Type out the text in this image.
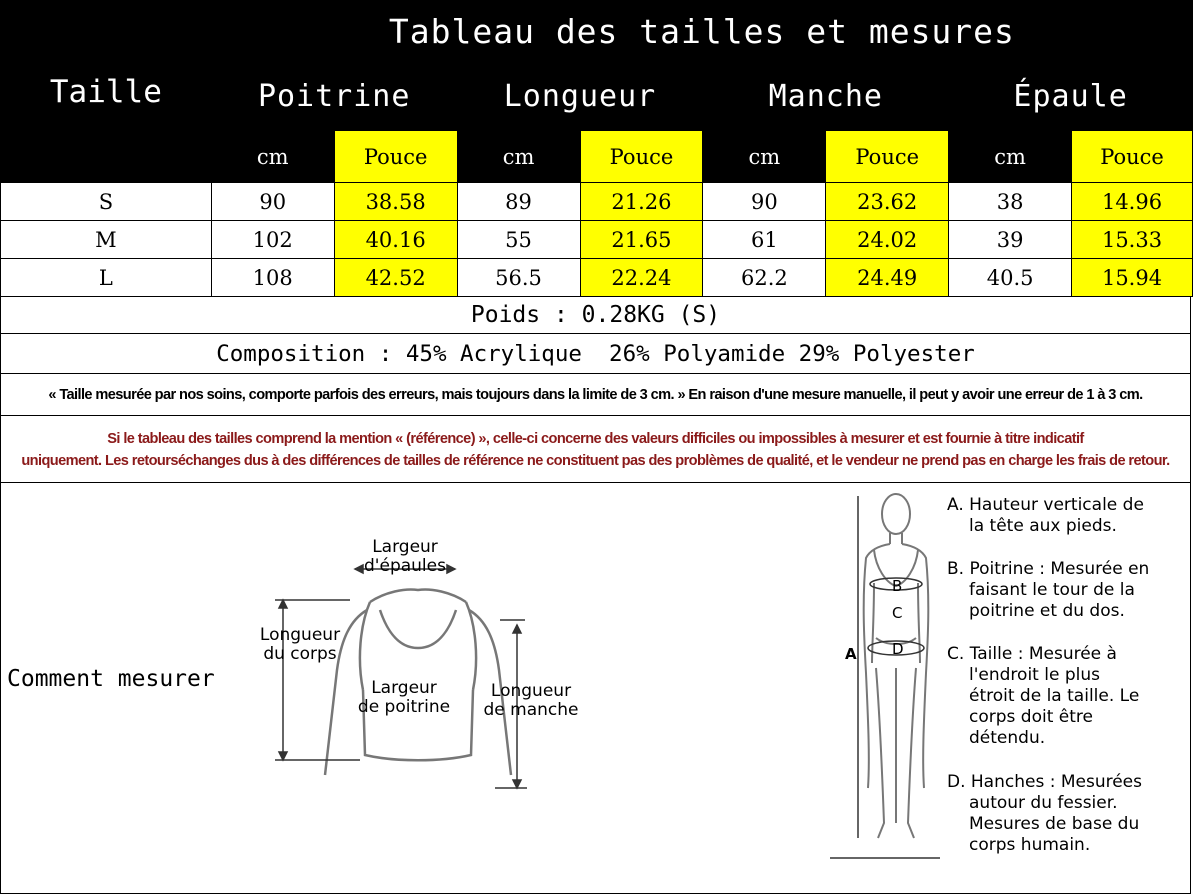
Taille	Tableau des tailles et mesures							
	Poitrine		Longueur		Manche		Épaule	
	cm	Pouce	cm	Pouce	cm	Pouce	cm	Pouce
S	90	38.58	89	21.26	90	23.62	38	14.96
M	102	40.16	55	21.65	61	24.02	39	15.33
L	108	42.52	56.5	22.24	62.2	24.49	40.5	15.94
Poids : 0.28KG (S)
Composition : 45% Acrylique  26% Polyamide 29% Polyester
« Taille mesurée par nos soins, comporte parfois des erreurs, mais toujours dans la limite de 3 cm. » En raison d'une mesure manuelle, il peut y avoir une erreur de 1 à 3 cm.
Si le tableau des tailles comprend la mention « (référence) », celle-ci concerne des valeurs difficiles ou impossibles à mesurer et est fournie à titre indicatif
uniquement. Les retourséchanges dus à des différences de tailles de référence ne constituent pas des problèmes de qualité, et le vendeur ne prend pas en charge les frais de retour.
Comment mesurer
Largeur
d'épaules
Longueur
du corps
Largeur
de poitrine
Longueur
de manche
A
B
C
D
A. Hauteur verticale de
la tête aux pieds.
B. Poitrine : Mesurée en
faisant le tour de la
poitrine et du dos.
C. Taille : Mesurée à
l'endroit le plus
étroit de la taille. Le
corps doit être
détendu.
D. Hanches : Mesurées
autour du fessier.
Mesures de base du
corps humain.
